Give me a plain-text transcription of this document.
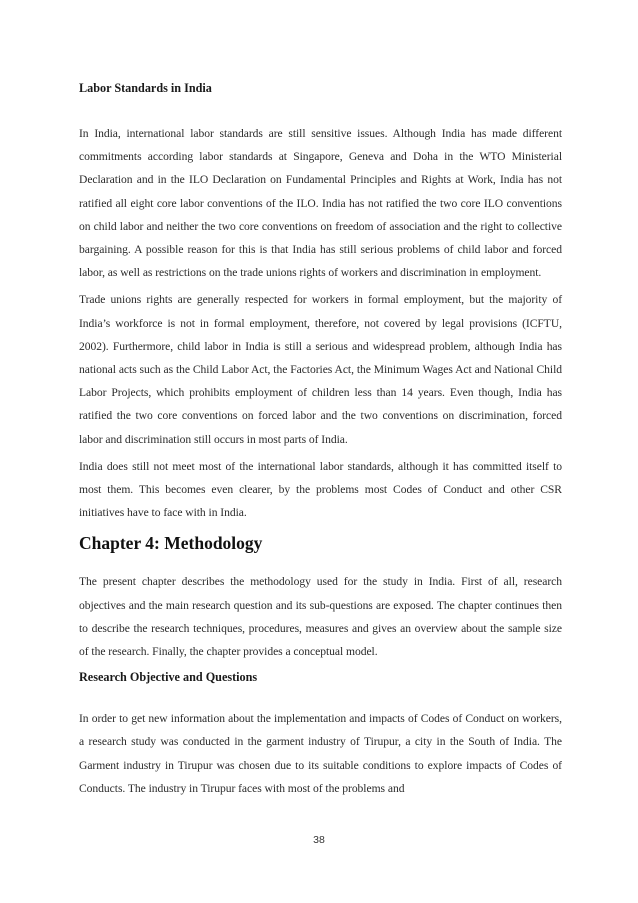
Labor Standards in India

In India, international labor standards are still sensitive issues. Although India has made different commitments according labor standards at Singapore, Geneva and Doha in the WTO Ministerial Declaration and in the ILO Declaration on Fundamental Principles and Rights at Work, India has not ratified all eight core labor conventions of the ILO. India has not ratified the two core ILO conventions on child labor and neither the two core conventions on freedom of association and the right to collective bargaining. A possible reason for this is that India has still serious problems of child labor and forced labor, as well as restrictions on the trade unions rights of workers and discrimination in employment.

Trade unions rights are generally respected for workers in formal employment, but the majority of India’s workforce is not in formal employment, therefore, not covered by legal provisions (ICFTU, 2002). Furthermore, child labor in India is still a serious and widespread problem, although India has national acts such as the Child Labor Act, the Factories Act, the Minimum Wages Act and National Child Labor Projects, which prohibits employment of children less than 14 years. Even though, India has ratified the two core conventions on forced labor and the two conventions on discrimination, forced labor and discrimination still occurs in most parts of India.

India does still not meet most of the international labor standards, although it has committed itself to most them. This becomes even clearer, by the problems most Codes of Conduct and other CSR initiatives have to face with in India.

Chapter 4: Methodology

The present chapter describes the methodology used for the study in India. First of all, research objectives and the main research question and its sub-questions are exposed. The chapter continues then to describe the research techniques, procedures, measures and gives an overview about the sample size of the research. Finally, the chapter provides a conceptual model.

Research Objective and Questions

In order to get new information about the implementation and impacts of Codes of Conduct on workers, a research study was conducted in the garment industry of Tirupur, a city in the South of India. The Garment industry in Tirupur was chosen due to its suitable conditions to explore impacts of Codes of Conducts. The industry in Tirupur faces with most of the problems and

38
